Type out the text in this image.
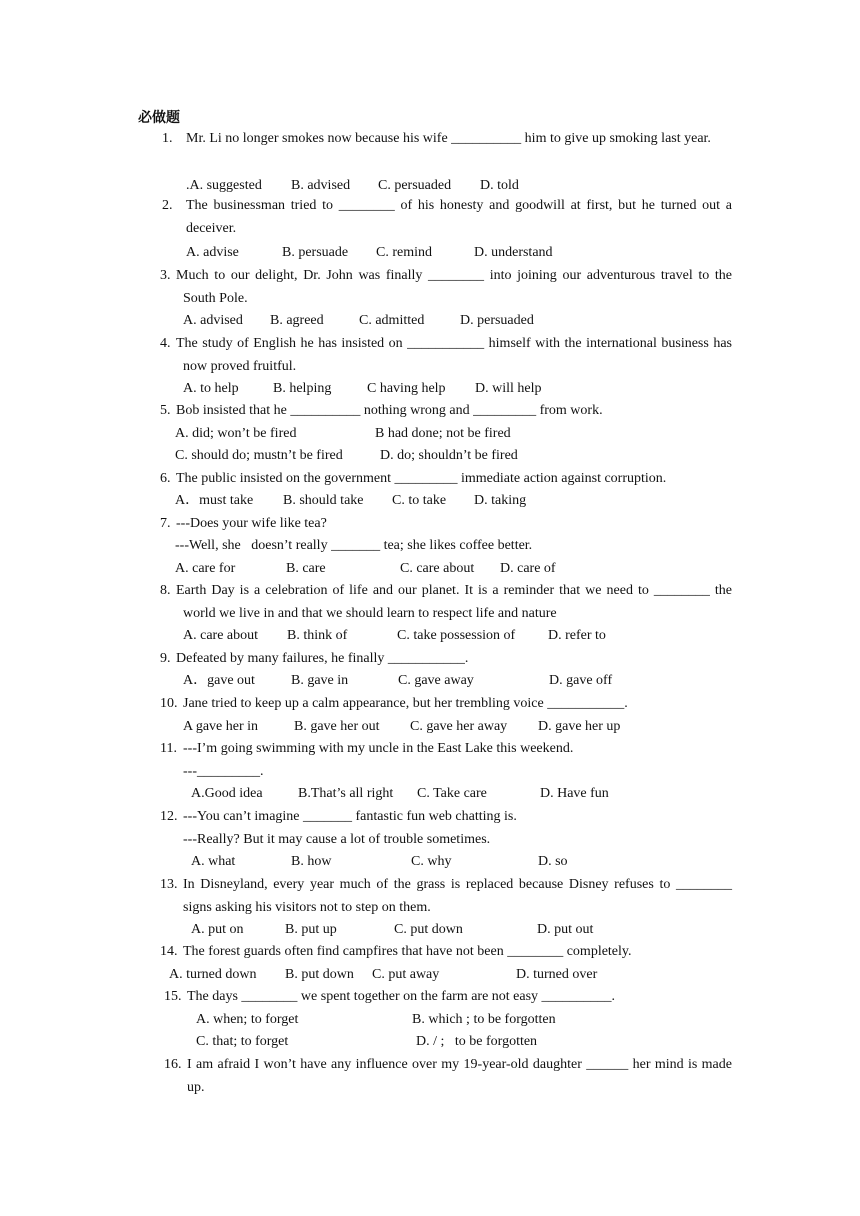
必做题
1. Mr. Li no longer smokes now because his wife __________ him to give up smoking last year.
.A. suggested B. advised C. persuaded D. told
2. The businessman tried to ________ of his honesty and goodwill at first, but he turned out a deceiver.
A. advise	B. persuade C. remind	D. understand
3. Much to our delight, Dr. John was finally ________ into joining our adventurous travel to the South Pole.
A. advised B. agreed	C. admitted	D. persuaded
4. The study of English he has insisted on ___________ himself with the international business has now proved fruitful.
A. to help B. helping	C having help D. will help
5. Bob insisted that he __________ nothing wrong and _________ from work.
A. did; won’t be fired	B had done; not be fired
C. should do; mustn’t be fired	D. do; shouldn’t be fired
6. The public insisted on the government _________ immediate action against corruption.
A．must take B. should take C. to take D. taking
7. ---Does your wife like tea?
---Well, she   doesn’t really _______ tea; she likes coffee better.
A. care for	B. care	C. care about D. care of
8. Earth Day is a celebration of life and our planet. It is a reminder that we need to ________ the world we live in and that we should learn to respect life and nature
A. care about B. think of	C. take possession of D. refer to
9. Defeated by many failures, he finally ___________.
A．gave out	B. gave in	C. gave away	D. gave off
10. Jane tried to keep up a calm appearance, but her trembling voice ___________.
A gave her in	B. gave her out C. gave her away D. gave her up
11. ---I’m going swimming with my uncle in the East Lake this weekend.
---_________.
A.Good idea	B.That’s all right C. Take care	D. Have fun
12. ---You can’t imagine _______ fantastic fun web chatting is.
---Really? But it may cause a lot of trouble sometimes.
A. what	B. how	C. why	D. so
13. In Disneyland, every year much of the grass is replaced because Disney refuses to ________ signs asking his visitors not to step on them.
A. put on	B. put up	C. put down	D. put out
14. The forest guards often find campfires that have not been ________ completely.
A. turned down B. put down C. put away	D. turned over
15. The days ________ we spent together on the farm are not easy __________.
A. when; to forget	B. which ; to be forgotten
C. that; to forget	D. / ;   to be forgotten
16. I am afraid I won’t have any influence over my 19-year-old daughter ______ her mind is made up.
